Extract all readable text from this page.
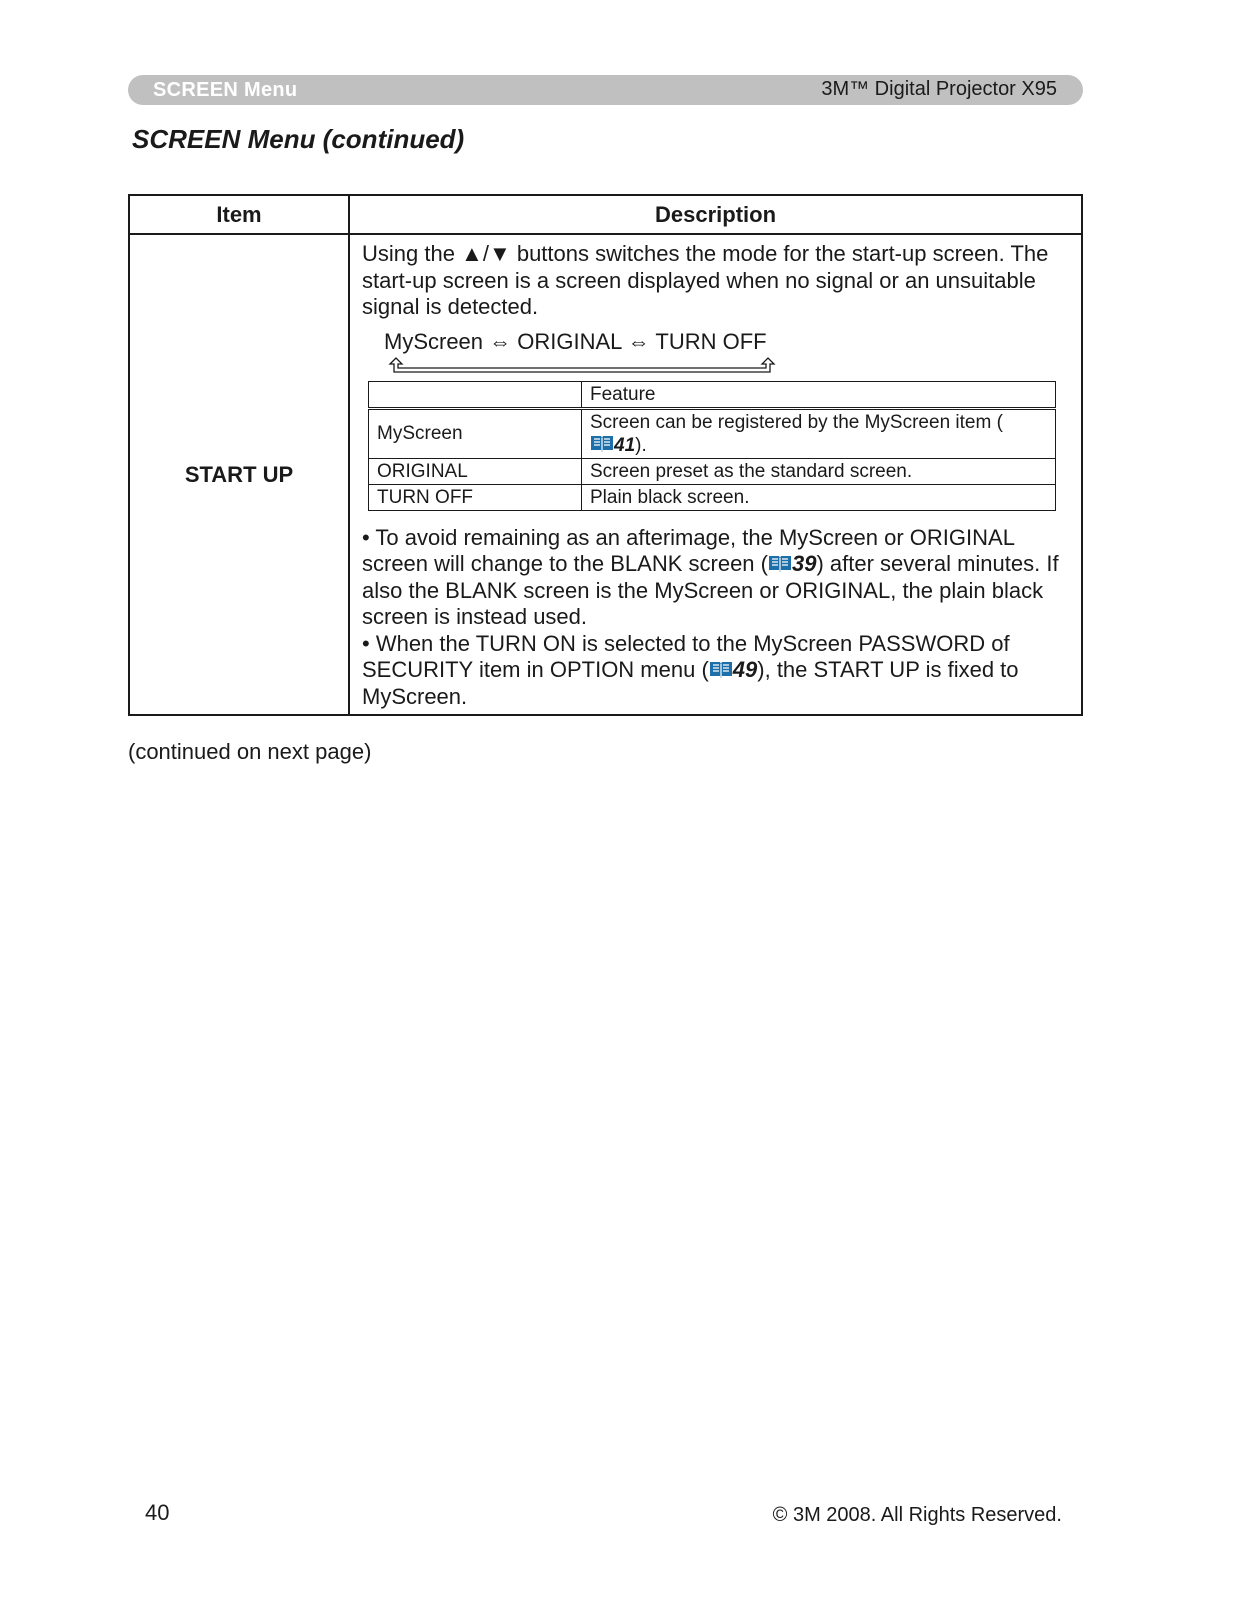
SCREEN Menu	3M™ Digital Projector X95
SCREEN Menu (continued)
Item	Description
START UP	
Using the ▲/▼ buttons switches the mode for the start-up screen. The start-up screen is a screen displayed when no signal or an unsuitable signal is detected.
MyScreen ⇔ ORIGINAL ⇔ TURN OFF
	Feature
MyScreen	Screen can be registered by the MyScreen item (41).
ORIGINAL	Screen preset as the standard screen.
TURN OFF	Plain black screen.
• To avoid remaining as an afterimage, the MyScreen or ORIGINAL screen will change to the BLANK screen ( 39) after several minutes. If also the BLANK screen is the MyScreen or ORIGINAL, the plain black screen is instead used.
• When the TURN ON is selected to the MyScreen PASSWORD of SECURITY item in OPTION menu ( 49), the START UP is fixed to MyScreen.
(continued on next page)
40	© 3M 2008. All Rights Reserved.
